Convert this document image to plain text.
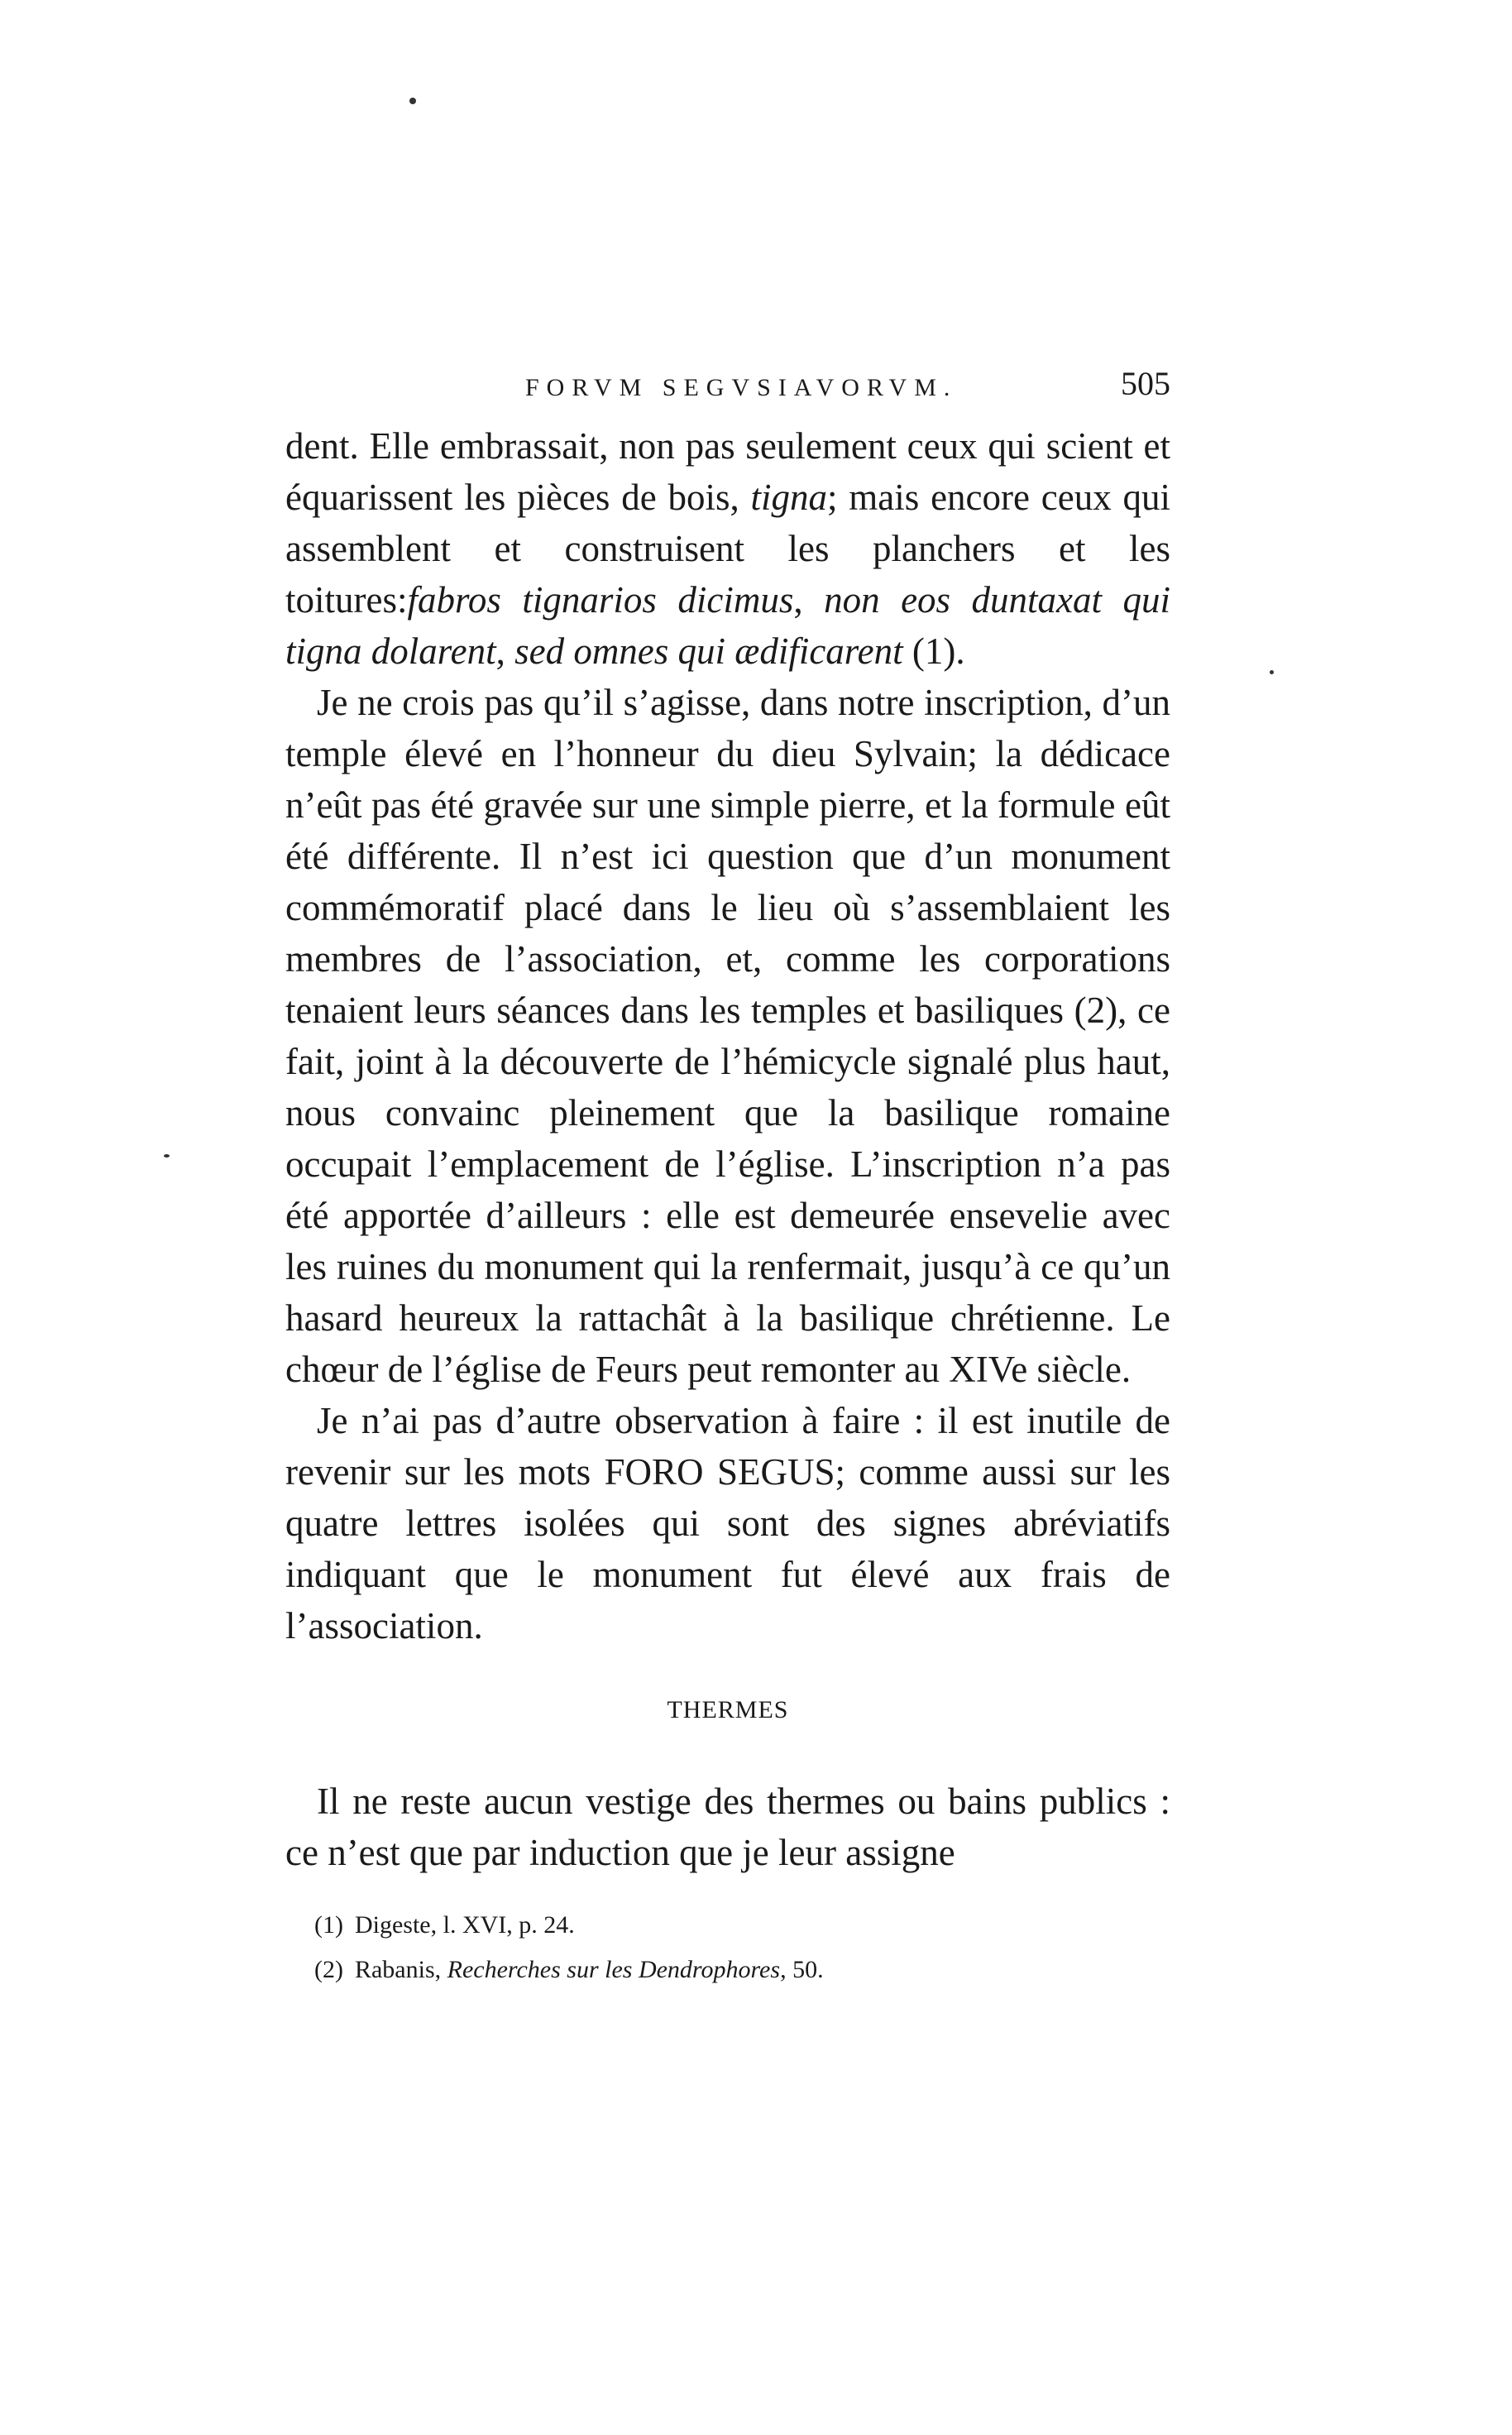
FORVM SEGVSIAVORVM.	505

dent. Elle embrassait, non pas seulement ceux qui scient et équarissent les pièces de bois, tigna; mais encore ceux qui assemblent et construisent les planchers et les toitures:fabros tignarios dicimus, non eos duntaxat qui tigna dolarent, sed omnes qui ædificarent (1).

Je ne crois pas qu’il s’agisse, dans notre inscription, d’un temple élevé en l’honneur du dieu Sylvain; la dédicace n’eût pas été gravée sur une simple pierre, et la formule eût été différente. Il n’est ici question que d’un monument commémoratif placé dans le lieu où s’assemblaient les membres de l’association, et, comme les corporations tenaient leurs séances dans les temples et basiliques (2), ce fait, joint à la découverte de l’hémicycle signalé plus haut, nous convainc pleinement que la basilique romaine occupait l’emplacement de l’église. L’inscription n’a pas été apportée d’ailleurs : elle est demeurée ensevelie avec les ruines du monument qui la renfermait, jusqu’à ce qu’un hasard heureux la rattachât à la basilique chrétienne. Le chœur de l’église de Feurs peut remonter au XIVe siècle.

Je n’ai pas d’autre observation à faire : il est inutile de revenir sur les mots FORO SEGUS; comme aussi sur les quatre lettres isolées qui sont des signes abréviatifs indiquant que le monument fut élevé aux frais de l’association.

THERMES

Il ne reste aucun vestige des thermes ou bains publics : ce n’est que par induction que je leur assigne

(1) Digeste, l. XVI, p. 24.

(2) Rabanis, Recherches sur les Dendrophores, 50.
